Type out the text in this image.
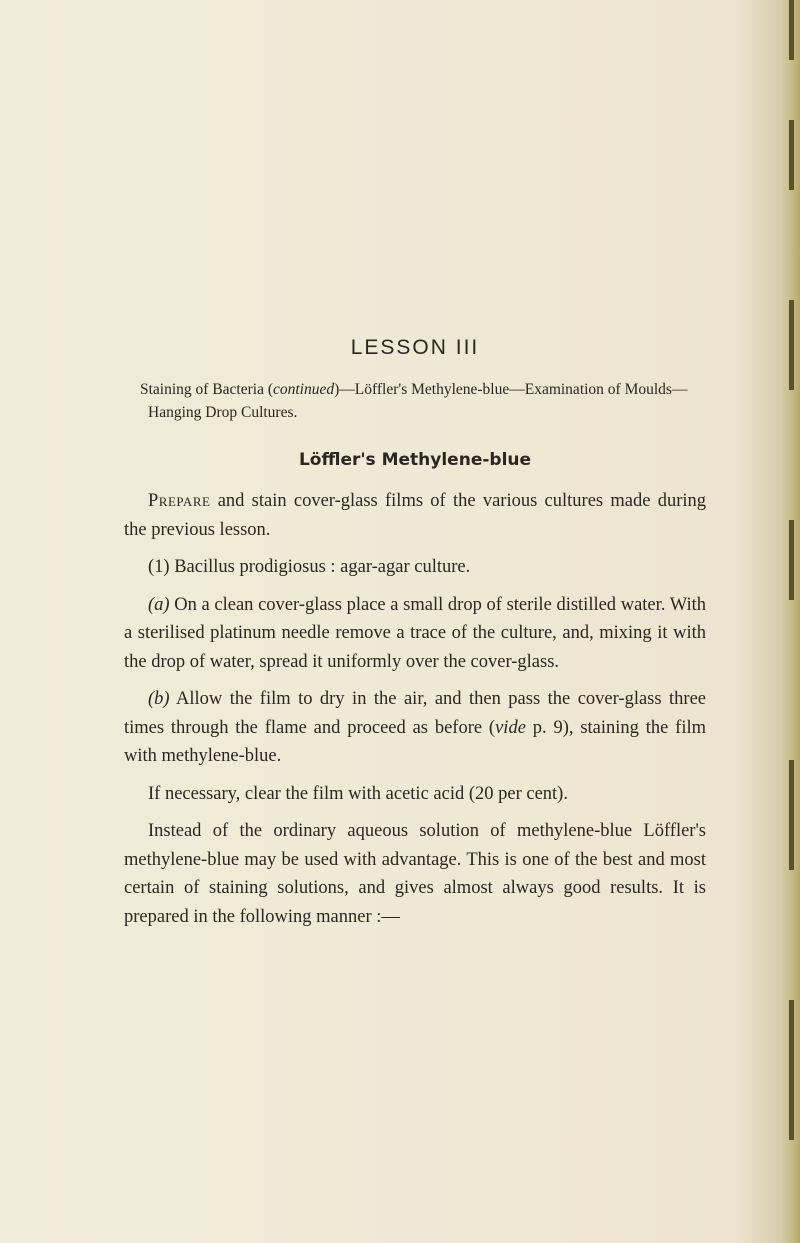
LESSON III

Staining of Bacteria (continued)—Löffler's Methylene-blue—Examination of Moulds—Hanging Drop Cultures.

Löffler's Methylene-blue

Prepare and stain cover-glass films of the various cultures made during the previous lesson.

(1) Bacillus prodigiosus : agar-agar culture.

(a) On a clean cover-glass place a small drop of sterile distilled water. With a sterilised platinum needle remove a trace of the culture, and, mixing it with the drop of water, spread it uniformly over the cover-glass.

(b) Allow the film to dry in the air, and then pass the cover-glass three times through the flame and proceed as before (vide p. 9), staining the film with methylene-blue.

If necessary, clear the film with acetic acid (20 per cent).

Instead of the ordinary aqueous solution of methylene-blue Löffler's methylene-blue may be used with advantage. This is one of the best and most certain of staining solutions, and gives almost always good results. It is prepared in the following manner :—
